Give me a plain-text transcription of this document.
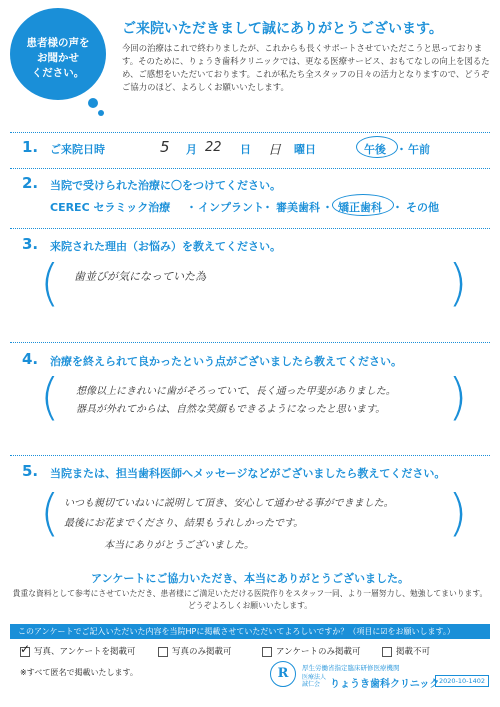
患者様の声を
お聞かせ
ください。
ご来院いただきまして誠にありがとうございます。
今回の治療はこれで終わりましたが、これからも長くサポートさせていただこうと思っております。そのために、りょうき歯科クリニックでは、更なる医療サービス、おもてなしの向上を図るため、ご感想をいただいております。これが私たち全スタッフの日々の活力となりますので、どうぞご協力のほど、よろしくお願いいたします。
1. ご来院日時	5 月 22 日 日 曜日	午後 ・ 午前
2. 当院で受けられた治療に〇をつけてください。
CEREC セラミック治療 ・ インプラント
・ 審美歯科 ・ 矯正歯科 ・ その他
3. 来院された理由（お悩み）を教えてください。
(	)
歯並びが気になっていた為
4. 治療を終えられて良かったという点がございましたら教えてください。
(	)
想像以上にきれいに歯がそろっていて、長く通った甲斐がありました。
器具が外れてからは、自然な笑顔もできるようになったと思います。
5. 当院または、担当歯科医師へメッセージなどがございましたら教えてください。
(	)
いつも親切ていねいに説明して頂き、安心して通わせる事ができました。
最後にお花までくださり、結果もうれしかったです。
本当にありがとうございました。
アンケートにご協力いただき、本当にありがとうございました。
貴重な資料として参考にさせていただき、患者様にご満足いただける医院作りをスタッフ一同、より一層努力し、勉強してまいります。
どうぞよろしくお願いいたします。
このアンケートでご記入いただいた内容を当院HPに掲載させていただいてよろしいですか？（項目に☑をお願いします。）
✓ 写真、アンケートを掲載可	写真のみ掲載可	アンケートのみ掲載可	掲載不可
※すべて匿名で掲載いたします。	R	厚生労働省指定臨床研修医療機関
医療法人
誠仁会 りょうき歯科クリニック 2020-10-1402
